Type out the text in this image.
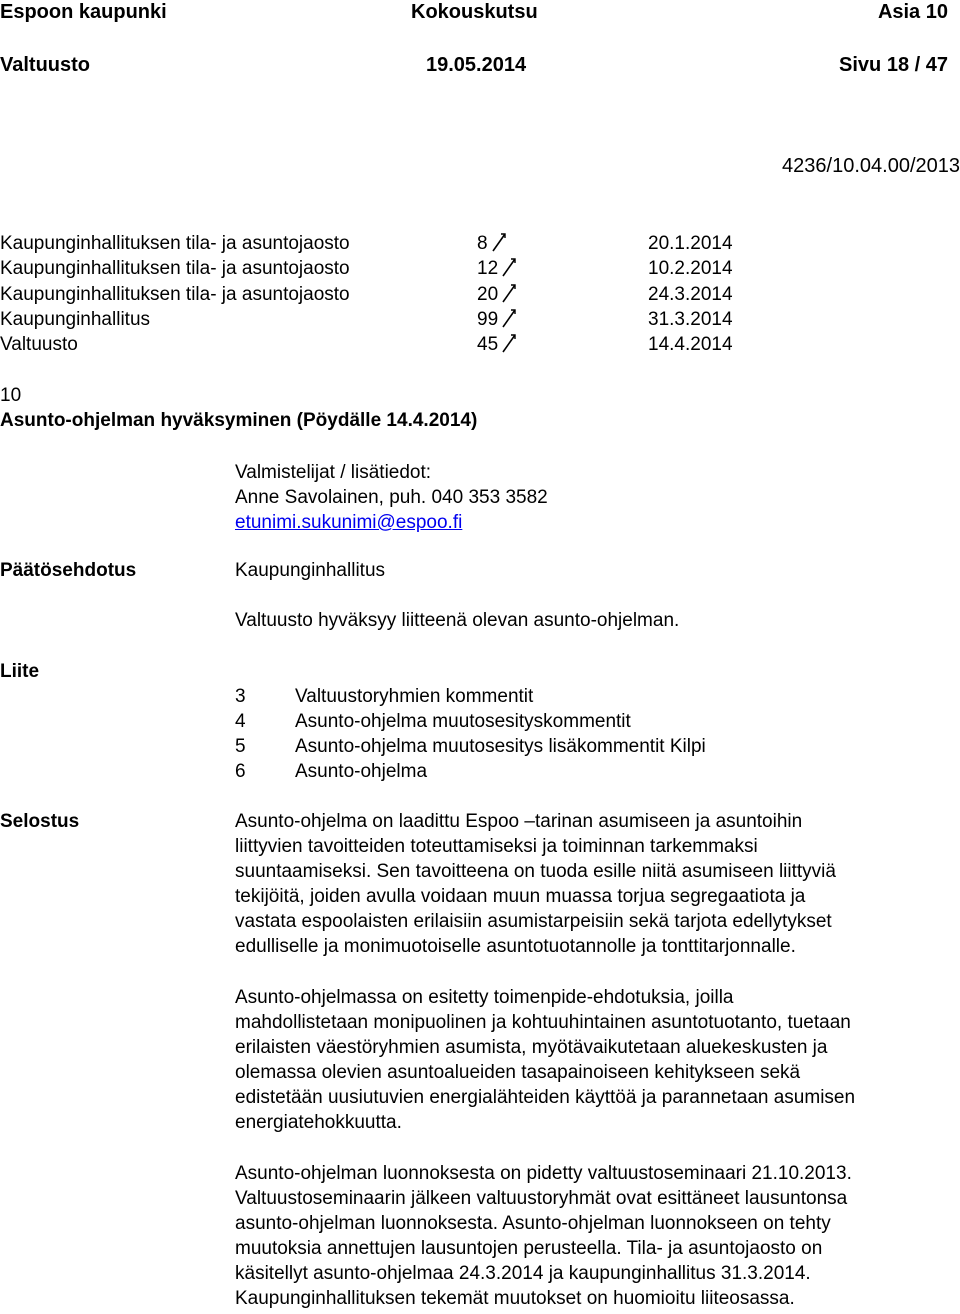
Espoon kaupunki	Kokouskutsu	Asia 10
Valtuusto	19.05.2014	Sivu 18 / 47
4236/10.04.00/2013
Kaupunginhallituksen tila- ja asuntojaosto	8	20.1.2014
Kaupunginhallituksen tila- ja asuntojaosto	12	10.2.2014
Kaupunginhallituksen tila- ja asuntojaosto	20	24.3.2014
Kaupunginhallitus	99	31.3.2014
Valtuusto	45	14.4.2014
10
Asunto-ohjelman hyväksyminen (Pöydälle 14.4.2014)
Valmistelijat / lisätiedot:
Anne Savolainen, puh. 040 353 3582
etunimi.sukunimi@espoo.fi
Päätösehdotus	Kaupunginhallitus
Valtuusto hyväksyy liitteenä olevan asunto-ohjelman.
Liite
3	Valtuustoryhmien kommentit
4	Asunto-ohjelma muutosesityskommentit
5	Asunto-ohjelma muutosesitys lisäkommentit Kilpi
6	Asunto-ohjelma
Selostus	Asunto-ohjelma on laadittu Espoo –tarinan asumiseen ja asuntoihin
liittyvien tavoitteiden toteuttamiseksi ja toiminnan tarkemmaksi
suuntaamiseksi. Sen tavoitteena on tuoda esille niitä asumiseen liittyviä
tekijöitä, joiden avulla voidaan muun muassa torjua segregaatiota ja
vastata espoolaisten erilaisiin asumistarpeisiin sekä tarjota edellytykset
edulliselle ja monimuotoiselle asuntotuotannolle ja tonttitarjonnalle.
Asunto-ohjelmassa on esitetty toimenpide-ehdotuksia, joilla
mahdollistetaan monipuolinen ja kohtuuhintainen asuntotuotanto, tuetaan
erilaisten väestöryhmien asumista, myötävaikutetaan aluekeskusten ja
olemassa olevien asuntoalueiden tasapainoiseen kehitykseen sekä
edistetään uusiutuvien energialähteiden käyttöä ja parannetaan asumisen
energiatehokkuutta.
Asunto-ohjelman luonnoksesta on pidetty valtuustoseminaari 21.10.2013.
Valtuustoseminaarin jälkeen valtuustoryhmät ovat esittäneet lausuntonsa
asunto-ohjelman luonnoksesta. Asunto-ohjelman luonnokseen on tehty
muutoksia annettujen lausuntojen perusteella. Tila- ja asuntojaosto on
käsitellyt asunto-ohjelmaa 24.3.2014 ja kaupunginhallitus 31.3.2014.
Kaupunginhallituksen tekemät muutokset on huomioitu liiteosassa.
